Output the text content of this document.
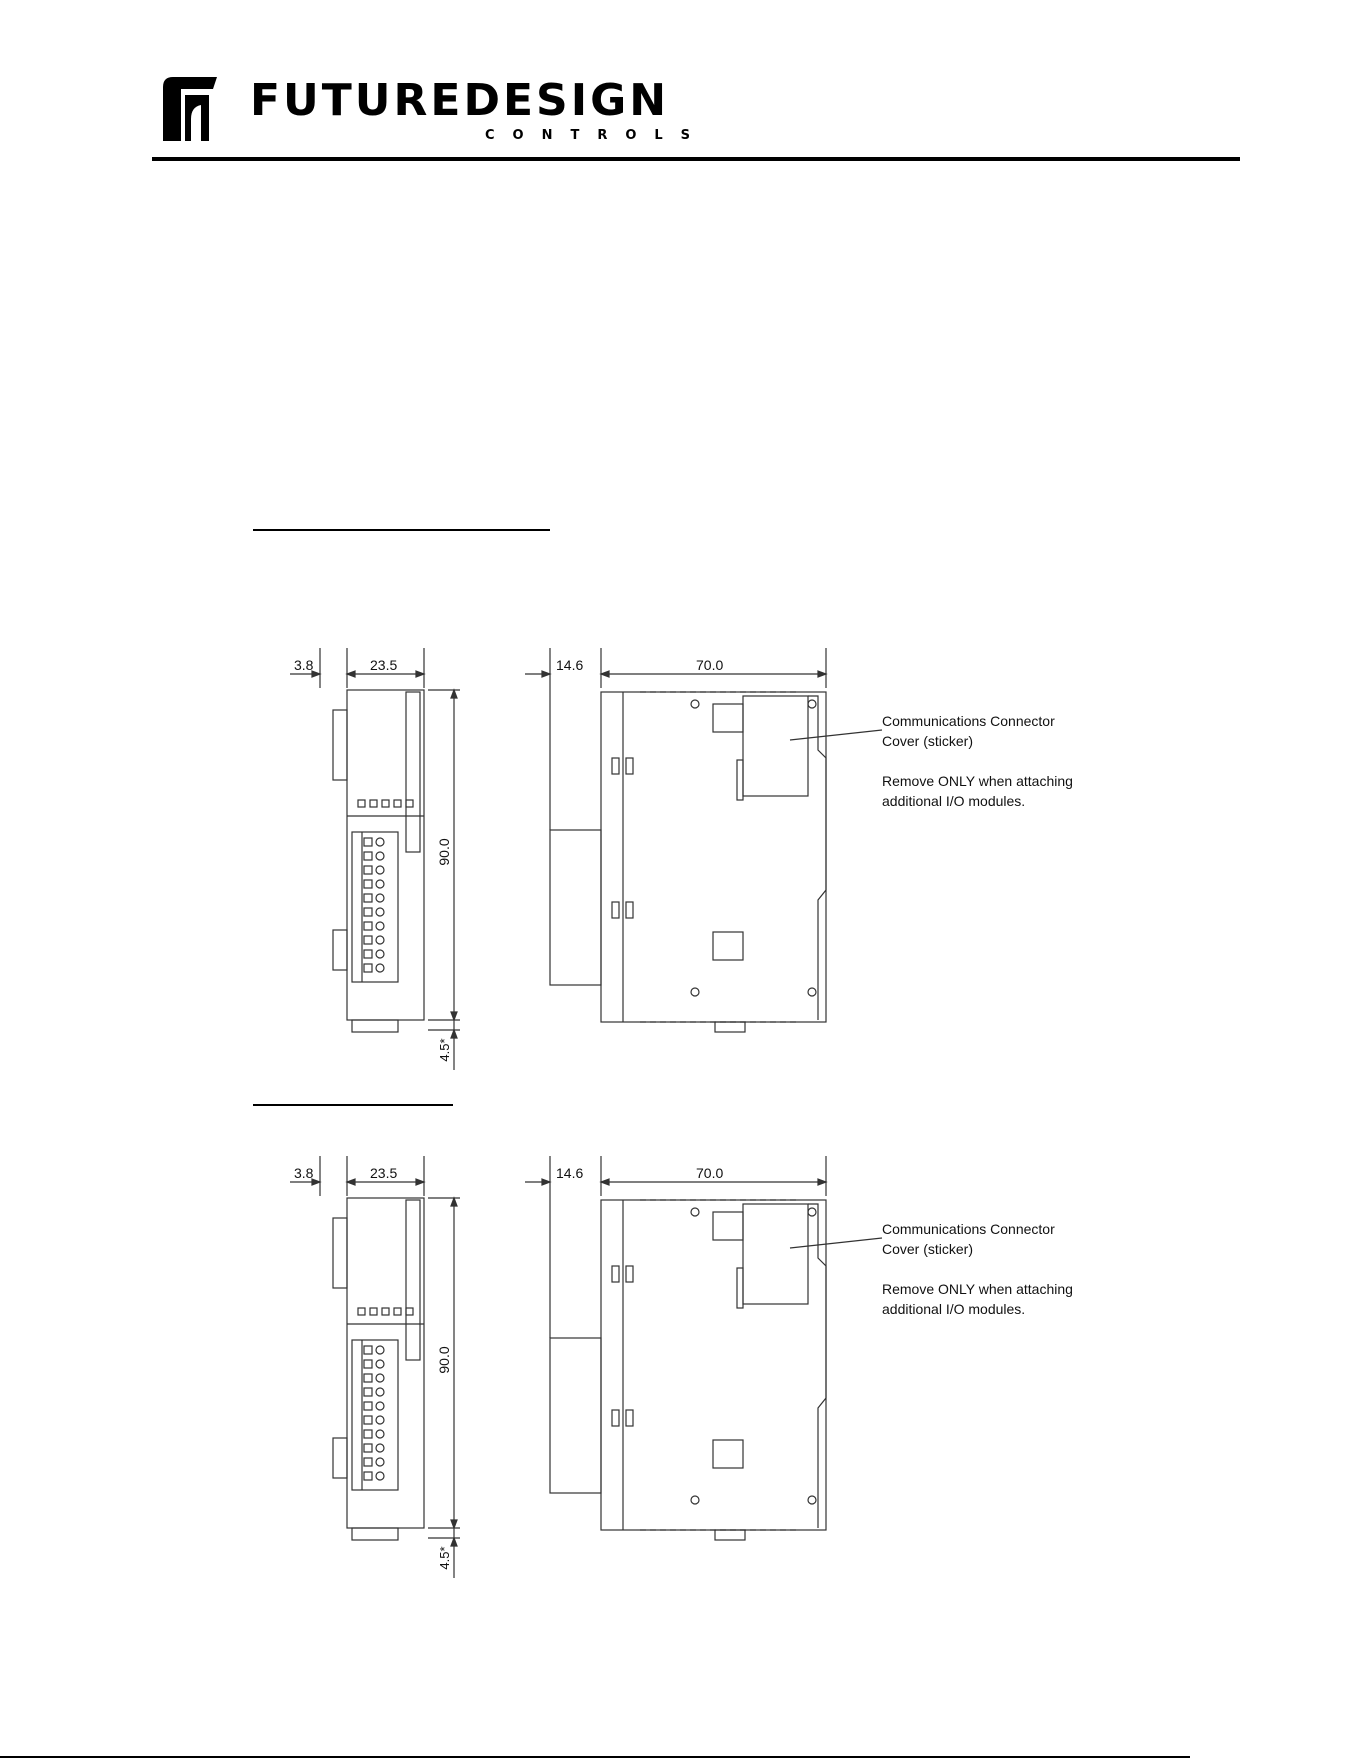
FUTUREDESIGN
CONTROLS
3.8	23.5
90.0
4.5*
14.6	70.0
Communications Connector
Cover (sticker)
Remove ONLY when attaching
additional I/O modules.
3.8	23.5
90.0
4.5*
14.6	70.0
Communications Connector
Cover (sticker)
Remove ONLY when attaching
additional I/O modules.
